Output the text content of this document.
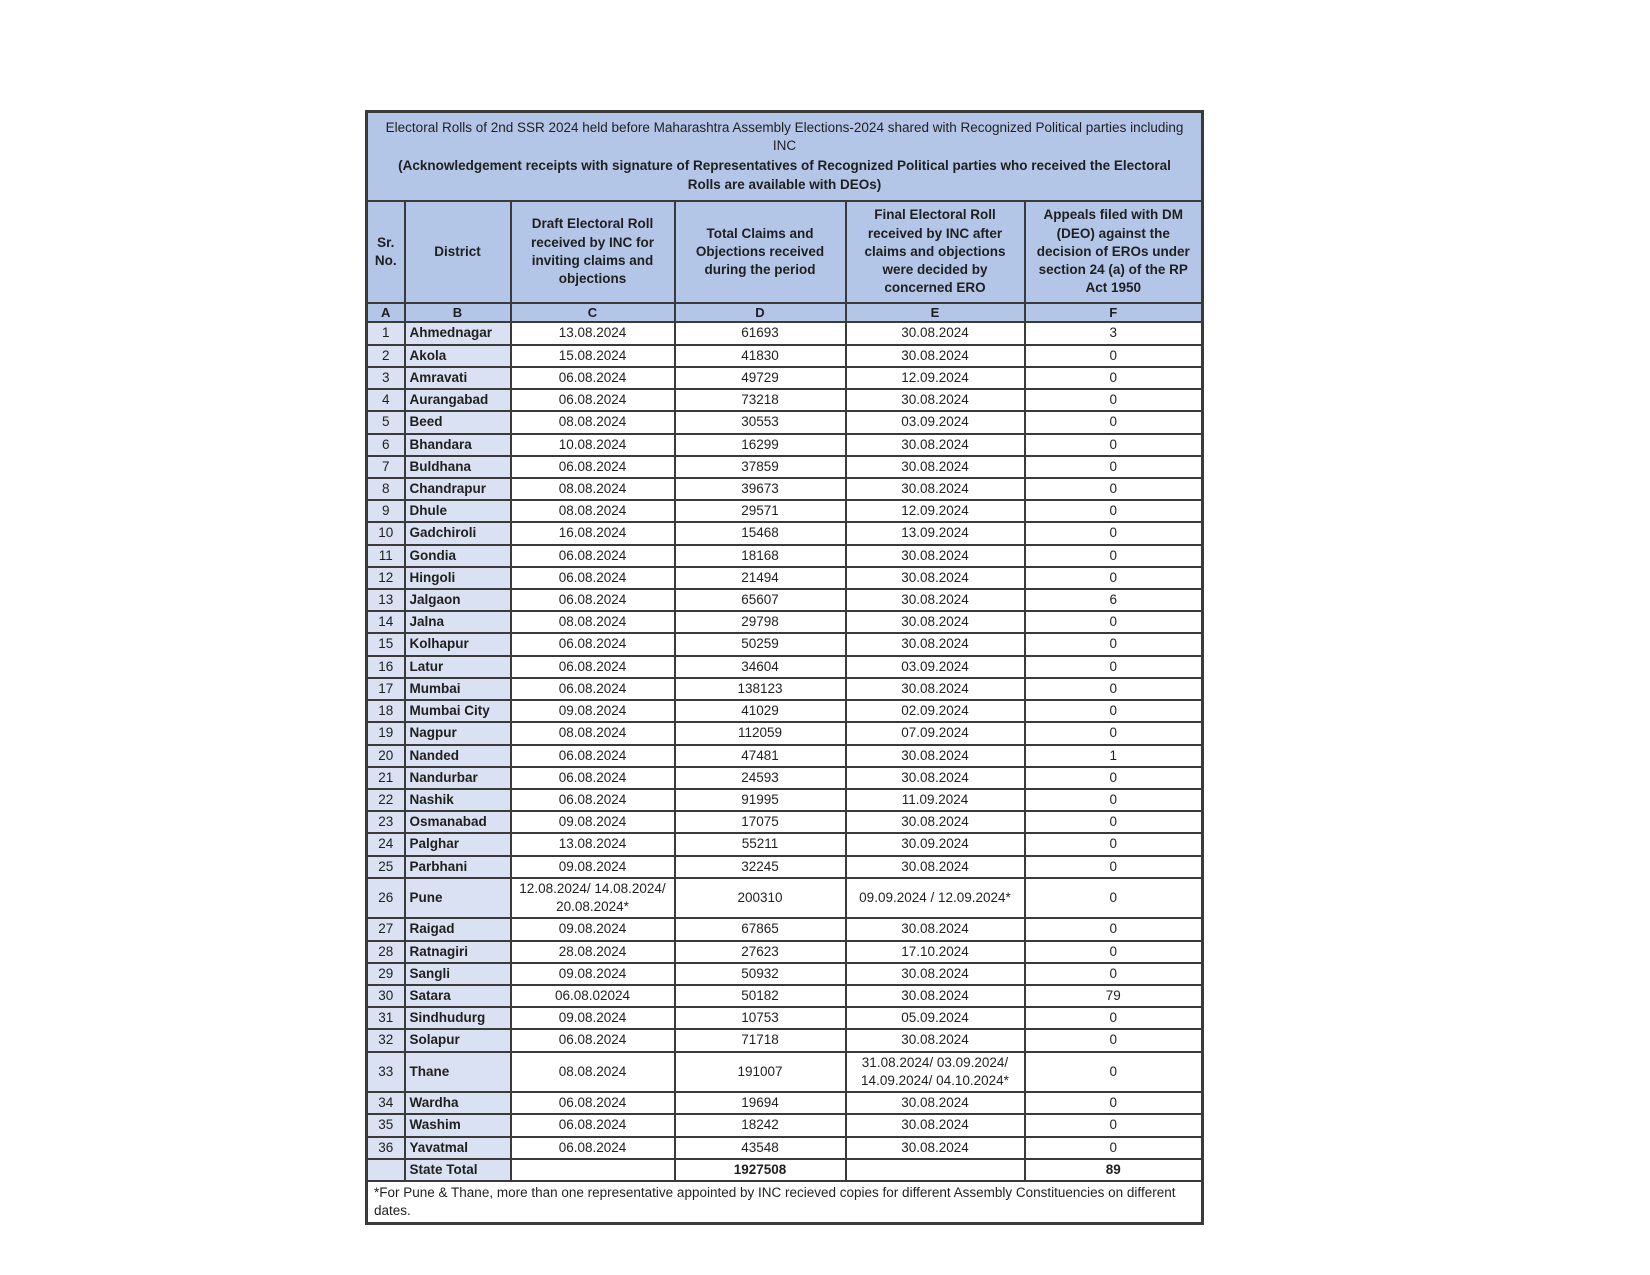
Electoral Rolls of 2nd SSR 2024 held before Maharashtra Assembly Elections-2024 shared with Recognized Political parties including INC
(Acknowledgement receipts with signature of Representatives of Recognized Political parties who received the Electoral Rolls are available with DEOs)					

Sr. No.	District	Draft Electoral Roll received by INC for inviting claims and objections	Total Claims and Objections received during the period	Final Electoral Roll received by INC after claims and objections were decided by concerned ERO	Appeals filed with DM (DEO) against the decision of EROs under section 24 (a) of the RP Act 1950
A	B	C	D	E	F
1	Ahmednagar	13.08.2024	61693	30.08.2024	3
2	Akola	15.08.2024	41830	30.08.2024	0
3	Amravati	06.08.2024	49729	12.09.2024	0
4	Aurangabad	06.08.2024	73218	30.08.2024	0
5	Beed	08.08.2024	30553	03.09.2024	0
6	Bhandara	10.08.2024	16299	30.08.2024	0
7	Buldhana	06.08.2024	37859	30.08.2024	0
8	Chandrapur	08.08.2024	39673	30.08.2024	0
9	Dhule	08.08.2024	29571	12.09.2024	0
10	Gadchiroli	16.08.2024	15468	13.09.2024	0
11	Gondia	06.08.2024	18168	30.08.2024	0
12	Hingoli	06.08.2024	21494	30.08.2024	0
13	Jalgaon	06.08.2024	65607	30.08.2024	6
14	Jalna	08.08.2024	29798	30.08.2024	0
15	Kolhapur	06.08.2024	50259	30.08.2024	0
16	Latur	06.08.2024	34604	03.09.2024	0
17	Mumbai	06.08.2024	138123	30.08.2024	0
18	Mumbai City	09.08.2024	41029	02.09.2024	0
19	Nagpur	08.08.2024	112059	07.09.2024	0
20	Nanded	06.08.2024	47481	30.08.2024	1
21	Nandurbar	06.08.2024	24593	30.08.2024	0
22	Nashik	06.08.2024	91995	11.09.2024	0
23	Osmanabad	09.08.2024	17075	30.08.2024	0
24	Palghar	13.08.2024	55211	30.09.2024	0
25	Parbhani	09.08.2024	32245	30.08.2024	0
26	Pune	12.08.2024/ 14.08.2024/ 20.08.2024*	200310	09.09.2024 / 12.09.2024*	0
27	Raigad	09.08.2024	67865	30.08.2024	0
28	Ratnagiri	28.08.2024	27623	17.10.2024	0
29	Sangli	09.08.2024	50932	30.08.2024	0
30	Satara	06.08.02024	50182	30.08.2024	79
31	Sindhudurg	09.08.2024	10753	05.09.2024	0
32	Solapur	06.08.2024	71718	30.08.2024	0
33	Thane	08.08.2024	191007	31.08.2024/ 03.09.2024/ 14.09.2024/ 04.10.2024*	0
34	Wardha	06.08.2024	19694	30.08.2024	0
35	Washim	06.08.2024	18242	30.08.2024	0
36	Yavatmal	06.08.2024	43548	30.08.2024	0
	State Total		1927508		89
*For Pune & Thane, more than one representative appointed by INC recieved copies for different Assembly Constituencies on different dates.					
